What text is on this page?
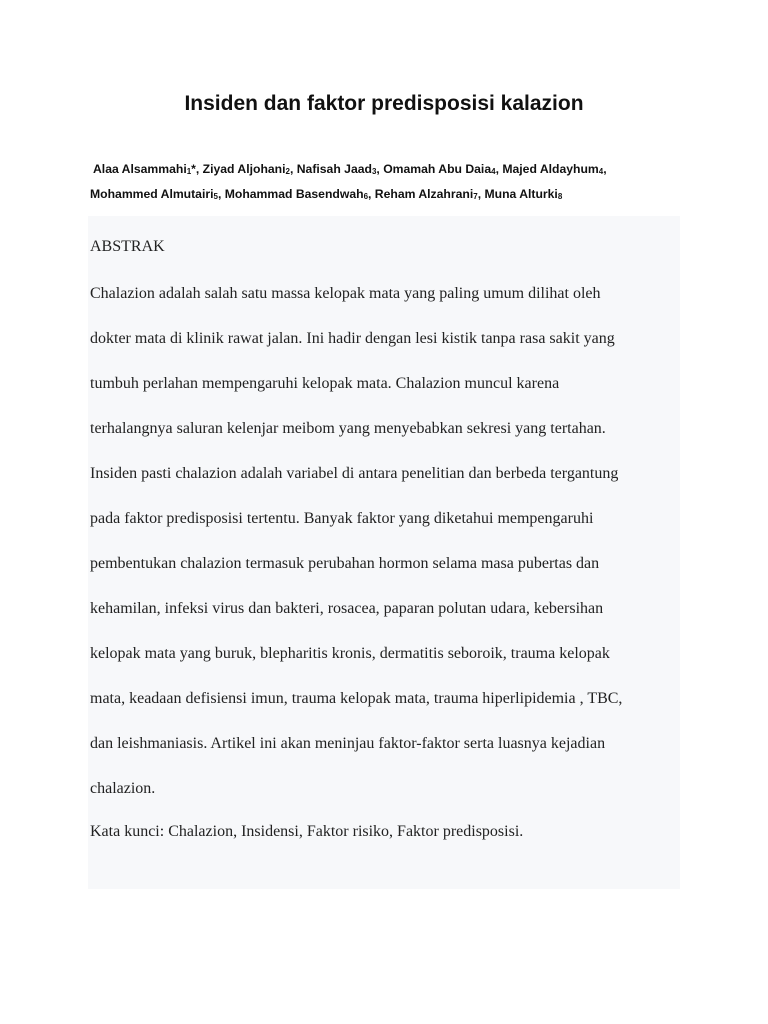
Insiden dan faktor predisposisi kalazion
Alaa Alsammahi$_1$*, Ziyad Aljohani$_2$, Nafisah Jaad$_3$, Omamah Abu Daia$_4$, Majed Aldayhum$_4$,
Mohammed Almutairi$_5$, Mohammad Basendwah$_6$, Reham Alzahrani$_7$, Muna Alturki$_8$
ABSTRAK
Chalazion adalah salah satu massa kelopak mata yang paling umum dilihat oleh
dokter mata di klinik rawat jalan. Ini hadir dengan lesi kistik tanpa rasa sakit yang
tumbuh perlahan mempengaruhi kelopak mata. Chalazion muncul karena
terhalangnya saluran kelenjar meibom yang menyebabkan sekresi yang tertahan.
Insiden pasti chalazion adalah variabel di antara penelitian dan berbeda tergantung
pada faktor predisposisi tertentu. Banyak faktor yang diketahui mempengaruhi
pembentukan chalazion termasuk perubahan hormon selama masa pubertas dan
kehamilan, infeksi virus dan bakteri, rosacea, paparan polutan udara, kebersihan
kelopak mata yang buruk, blepharitis kronis, dermatitis seboroik, trauma kelopak
mata, keadaan defisiensi imun, trauma kelopak mata, trauma hiperlipidemia , TBC,
dan leishmaniasis. Artikel ini akan meninjau faktor-faktor serta luasnya kejadian
chalazion.
Kata kunci: Chalazion, Insidensi, Faktor risiko, Faktor predisposisi.
